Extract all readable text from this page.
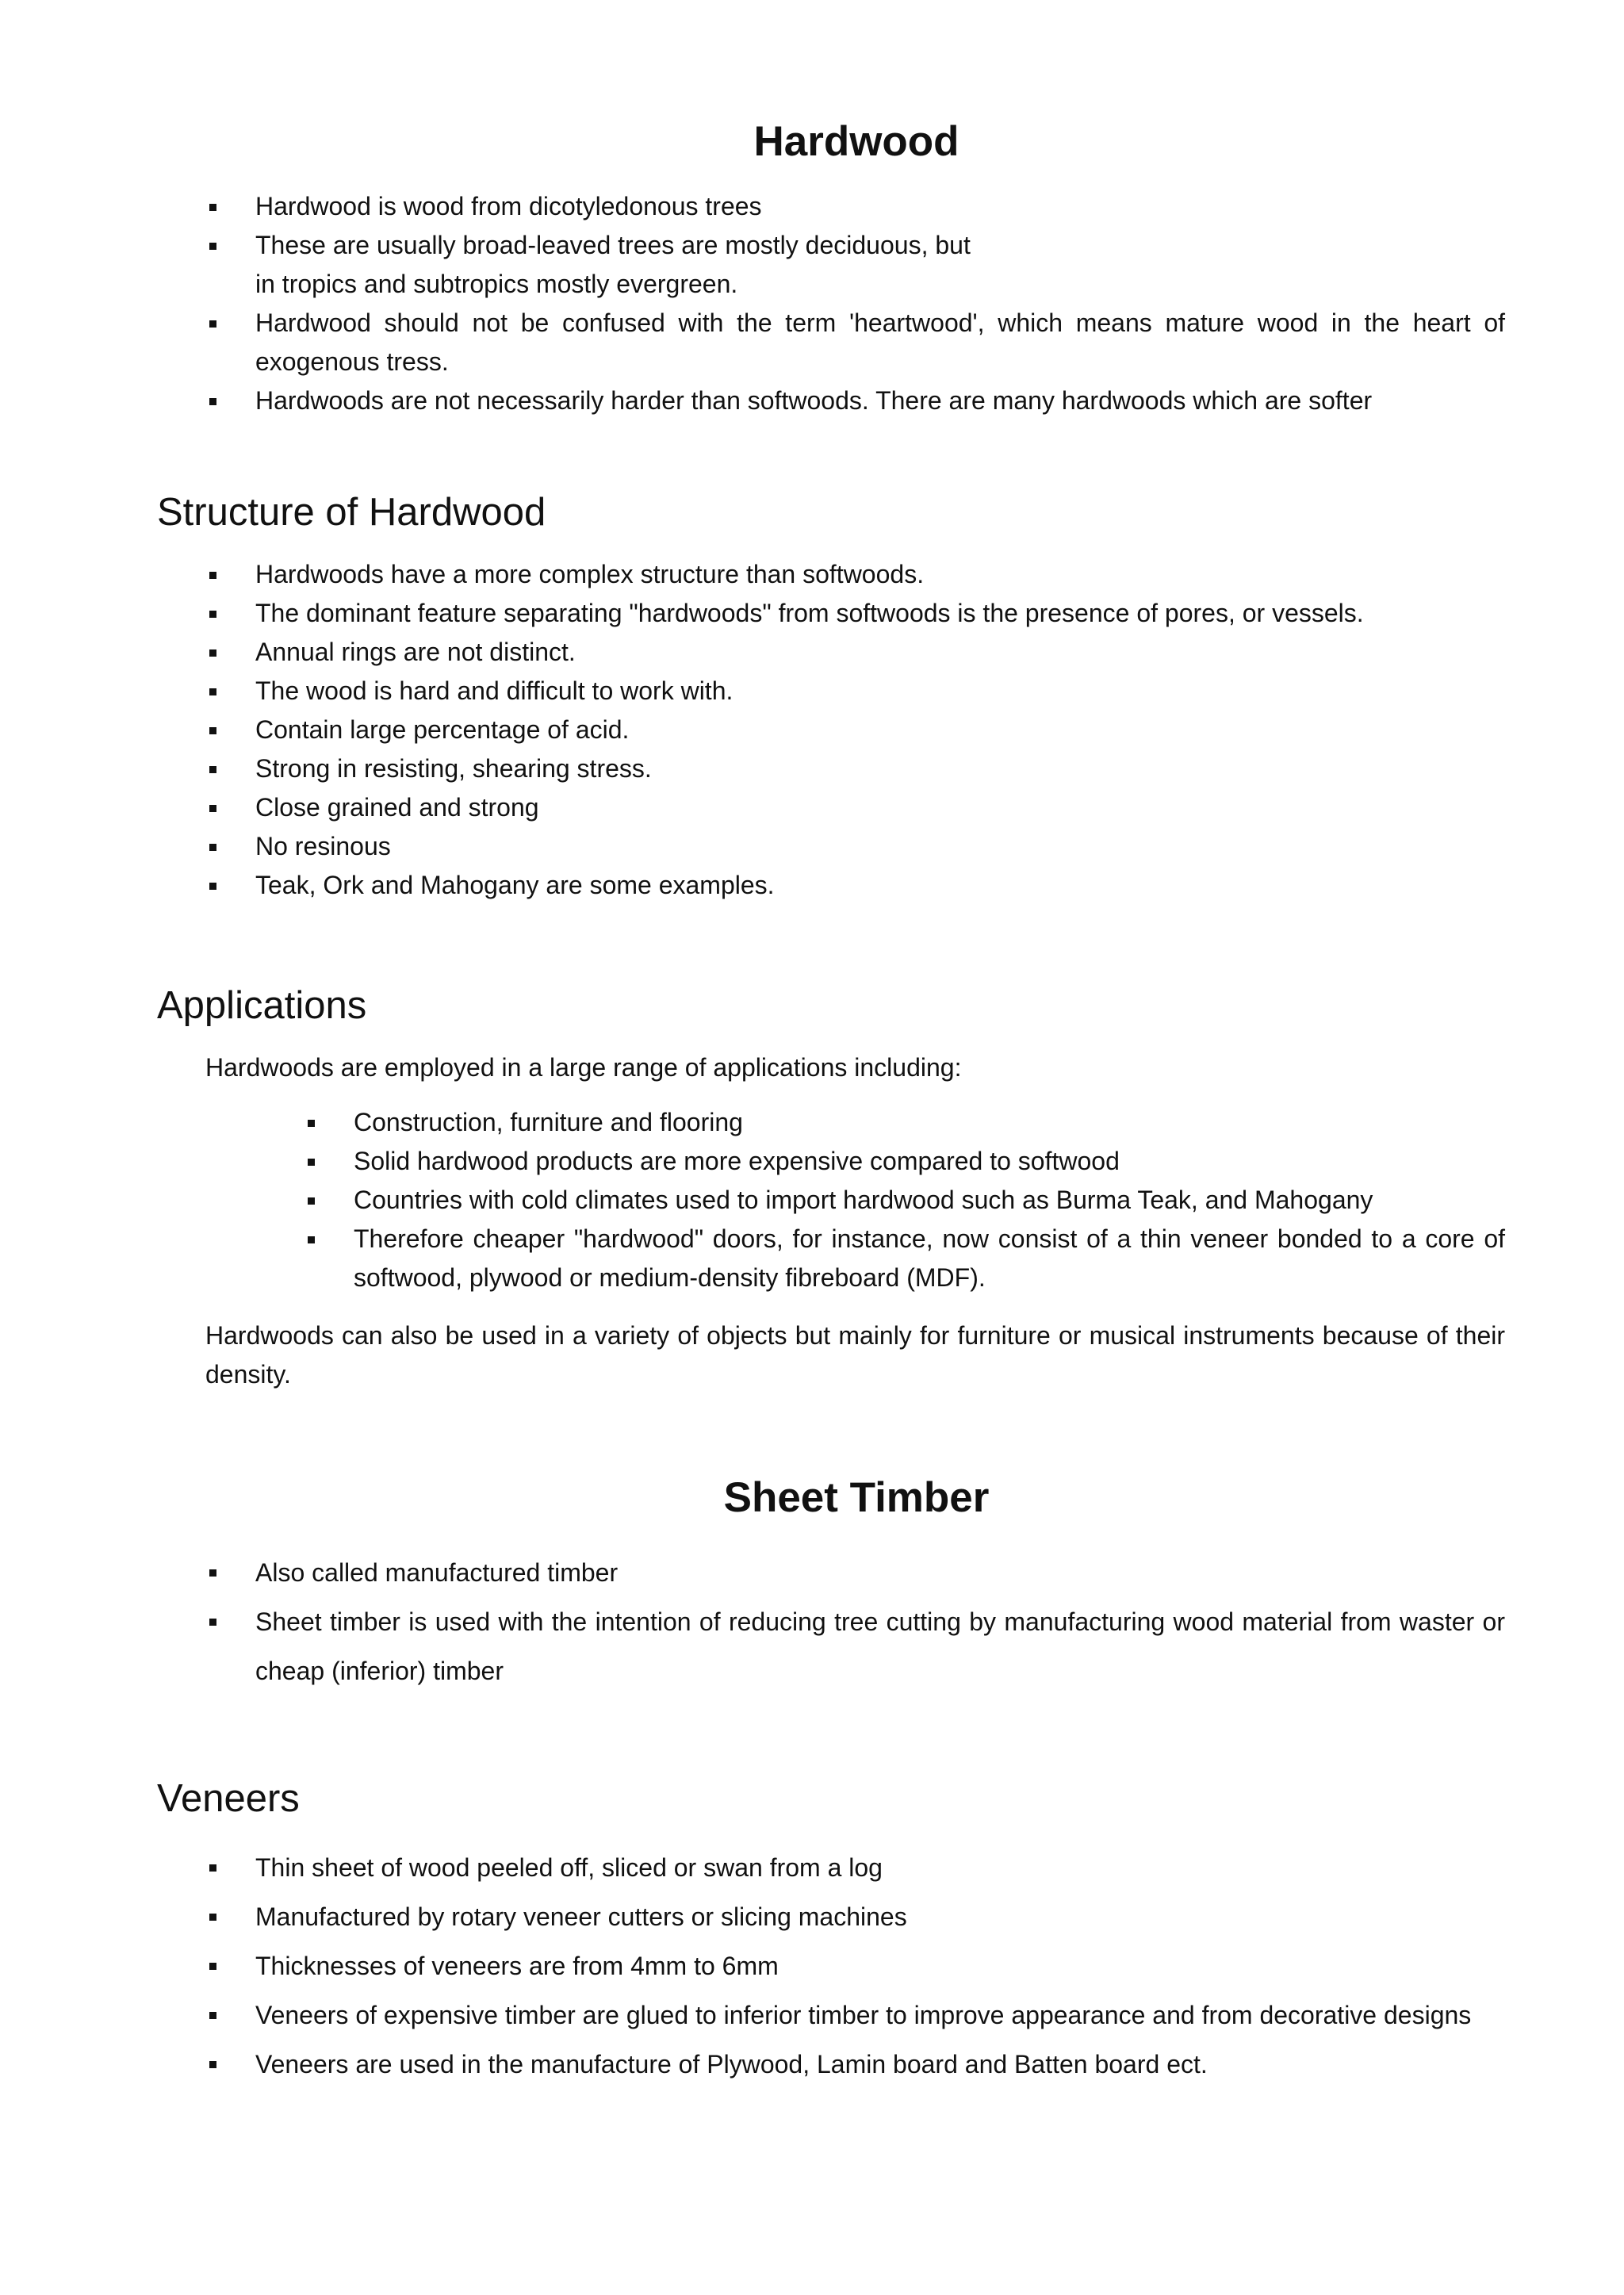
Hardwood
Hardwood is wood from dicotyledonous trees
These are usually broad-leaved trees are mostly deciduous, but
in tropics and subtropics mostly evergreen.
Hardwood should not be confused with the term 'heartwood', which means mature wood in the heart of exogenous tress.
Hardwoods are not necessarily harder than softwoods. There are many hardwoods which are softer
Structure of Hardwood
Hardwoods have a more complex structure than softwoods.
The dominant feature separating "hardwoods" from softwoods is the presence of pores, or vessels.
Annual rings are not distinct.
The wood is hard and difficult to work with.
Contain large percentage of acid.
Strong in resisting, shearing stress.
Close grained and strong
No resinous
Teak, Ork and Mahogany are some examples.
Applications

Hardwoods are employed in a large range of applications including:

Construction, furniture and flooring
Solid hardwood products are more expensive compared to softwood
Countries with cold climates used to import hardwood such as Burma Teak, and Mahogany
Therefore cheaper "hardwood" doors, for instance, now consist of a thin veneer bonded to a core of softwood, plywood or medium-density fibreboard (MDF).

Hardwoods can also be used in a variety of objects but mainly for furniture or musical instruments because of their density.

Sheet Timber
Also called manufactured timber
Sheet timber is used with the intention of reducing tree cutting by manufacturing wood material from waster or cheap (inferior) timber
Veneers
Thin sheet of wood peeled off, sliced or swan from a log
Manufactured by rotary veneer cutters or slicing machines
Thicknesses of veneers are from 4mm to 6mm
Veneers of expensive timber are glued to inferior timber to improve appearance and from decorative designs
Veneers are used in the manufacture of Plywood, Lamin board and Batten board ect.
